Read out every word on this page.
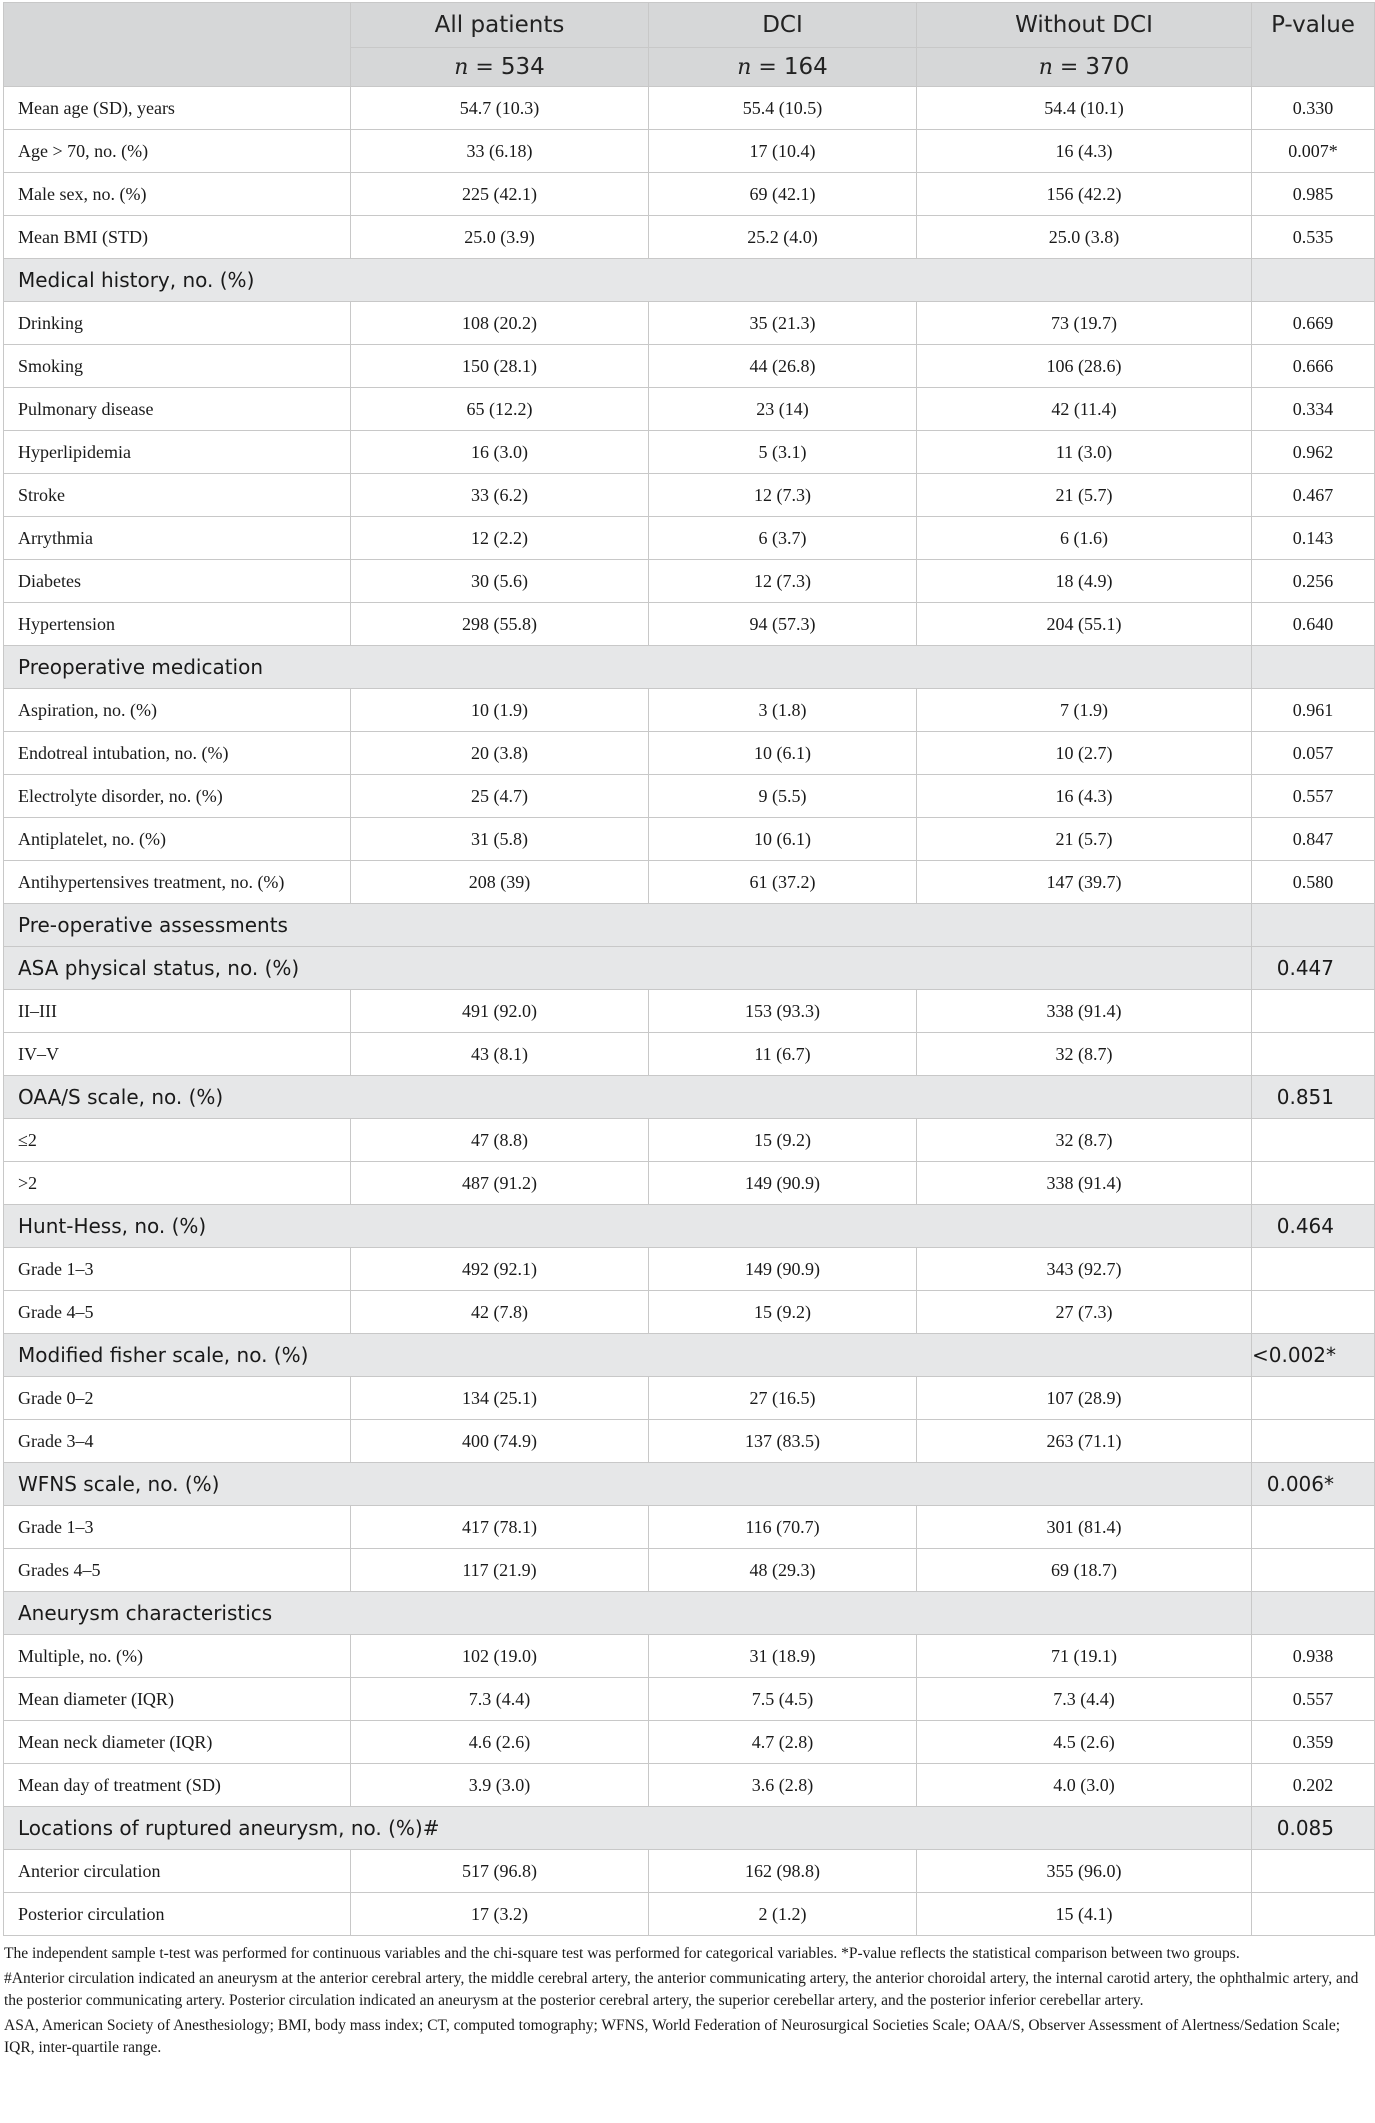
	All patients	DCI	Without DCI	P-value
	n = 534	n = 164	n = 370	
Mean age (SD), years	54.7 (10.3)	55.4 (10.5)	54.4 (10.1)	0.330
Age > 70, no. (%)	33 (6.18)	17 (10.4)	16 (4.3)	0.007*
Male sex, no. (%)	225 (42.1)	69 (42.1)	156 (42.2)	0.985
Mean BMI (STD)	25.0 (3.9)	25.2 (4.0)	25.0 (3.8)	0.535
Medical history, no. (%)				
Drinking	108 (20.2)	35 (21.3)	73 (19.7)	0.669
Smoking	150 (28.1)	44 (26.8)	106 (28.6)	0.666
Pulmonary disease	65 (12.2)	23 (14)	42 (11.4)	0.334
Hyperlipidemia	16 (3.0)	5 (3.1)	11 (3.0)	0.962
Stroke	33 (6.2)	12 (7.3)	21 (5.7)	0.467
Arrythmia	12 (2.2)	6 (3.7)	6 (1.6)	0.143
Diabetes	30 (5.6)	12 (7.3)	18 (4.9)	0.256
Hypertension	298 (55.8)	94 (57.3)	204 (55.1)	0.640
Preoperative medication				
Aspiration, no. (%)	10 (1.9)	3 (1.8)	7 (1.9)	0.961
Endotreal intubation, no. (%)	20 (3.8)	10 (6.1)	10 (2.7)	0.057
Electrolyte disorder, no. (%)	25 (4.7)	9 (5.5)	16 (4.3)	0.557
Antiplatelet, no. (%)	31 (5.8)	10 (6.1)	21 (5.7)	0.847
Antihypertensives treatment, no. (%)	208 (39)	61 (37.2)	147 (39.7)	0.580
Pre-operative assessments				
ASA physical status, no. (%)				0.447
II–III	491 (92.0)	153 (93.3)	338 (91.4)	
IV–V	43 (8.1)	11 (6.7)	32 (8.7)	
OAA/S scale, no. (%)				0.851
≤2	47 (8.8)	15 (9.2)	32 (8.7)	
>2	487 (91.2)	149 (90.9)	338 (91.4)	
Hunt-Hess, no. (%)				0.464
Grade 1–3	492 (92.1)	149 (90.9)	343 (92.7)	
Grade 4–5	42 (7.8)	15 (9.2)	27 (7.3)	
Modified fisher scale, no. (%)				<0.002*
Grade 0–2	134 (25.1)	27 (16.5)	107 (28.9)	
Grade 3–4	400 (74.9)	137 (83.5)	263 (71.1)	
WFNS scale, no. (%)				0.006*
Grade 1–3	417 (78.1)	116 (70.7)	301 (81.4)	
Grades 4–5	117 (21.9)	48 (29.3)	69 (18.7)	
Aneurysm characteristics				
Multiple, no. (%)	102 (19.0)	31 (18.9)	71 (19.1)	0.938
Mean diameter (IQR)	7.3 (4.4)	7.5 (4.5)	7.3 (4.4)	0.557
Mean neck diameter (IQR)	4.6 (2.6)	4.7 (2.8)	4.5 (2.6)	0.359
Mean day of treatment (SD)	3.9 (3.0)	3.6 (2.8)	4.0 (3.0)	0.202
Locations of ruptured aneurysm, no. (%)#				0.085
Anterior circulation	517 (96.8)	162 (98.8)	355 (96.0)	
Posterior circulation	17 (3.2)	2 (1.2)	15 (4.1)	

The independent sample t-test was performed for continuous variables and the chi-square test was performed for categorical variables. *P-value reflects the statistical comparison between two groups.

#Anterior circulation indicated an aneurysm at the anterior cerebral artery, the middle cerebral artery, the anterior communicating artery, the anterior choroidal artery, the internal carotid artery, the ophthalmic artery, and the posterior communicating artery. Posterior circulation indicated an aneurysm at the posterior cerebral artery, the superior cerebellar artery, and the posterior inferior cerebellar artery.

ASA, American Society of Anesthesiology; BMI, body mass index; CT, computed tomography; WFNS, World Federation of Neurosurgical Societies Scale; OAA/S, Observer Assessment of Alertness/Sedation Scale; IQR, inter-quartile range.
